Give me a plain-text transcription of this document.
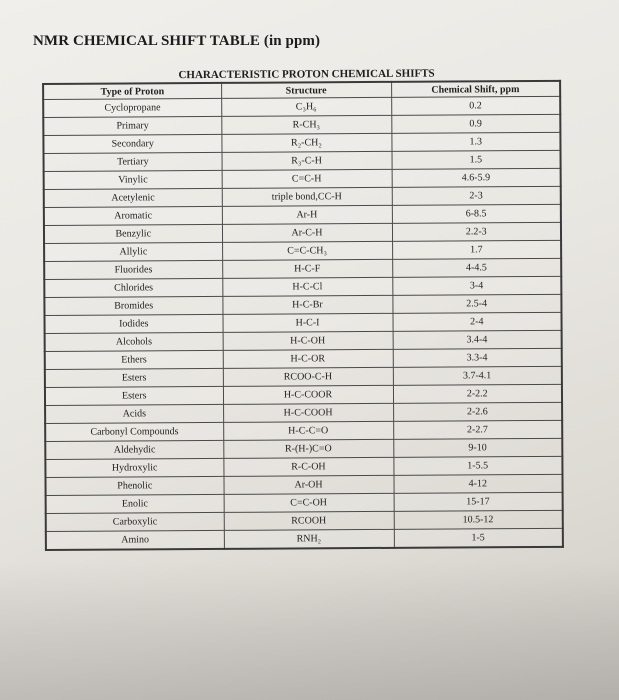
NMR CHEMICAL SHIFT TABLE (in ppm)
CHARACTERISTIC PROTON CHEMICAL SHIFTS
Type of Proton	Structure	Chemical Shift, ppm
Cyclopropane	C₃H₆	0.2
Primary	R-CH₃	0.9
Secondary	R₂-CH₂	1.3
Tertiary	R₃-C-H	1.5
Vinylic	C=C-H	4.6-5.9
Acetylenic	triple bond,CC-H	2-3
Aromatic	Ar-H	6-8.5
Benzylic	Ar-C-H	2.2-3
Allylic	C=C-CH₃	1.7
Fluorides	H-C-F	4-4.5
Chlorides	H-C-Cl	3-4
Bromides	H-C-Br	2.5-4
Iodides	H-C-I	2-4
Alcohols	H-C-OH	3.4-4
Ethers	H-C-OR	3.3-4
Esters	RCOO-C-H	3.7-4.1
Esters	H-C-COOR	2-2.2
Acids	H-C-COOH	2-2.6
Carbonyl Compounds	H-C-C=O	2-2.7
Aldehydic	R-(H-)C=O	9-10
Hydroxylic	R-C-OH	1-5.5
Phenolic	Ar-OH	4-12
Enolic	C=C-OH	15-17
Carboxylic	RCOOH	10.5-12
Amino	RNH₂	1-5
